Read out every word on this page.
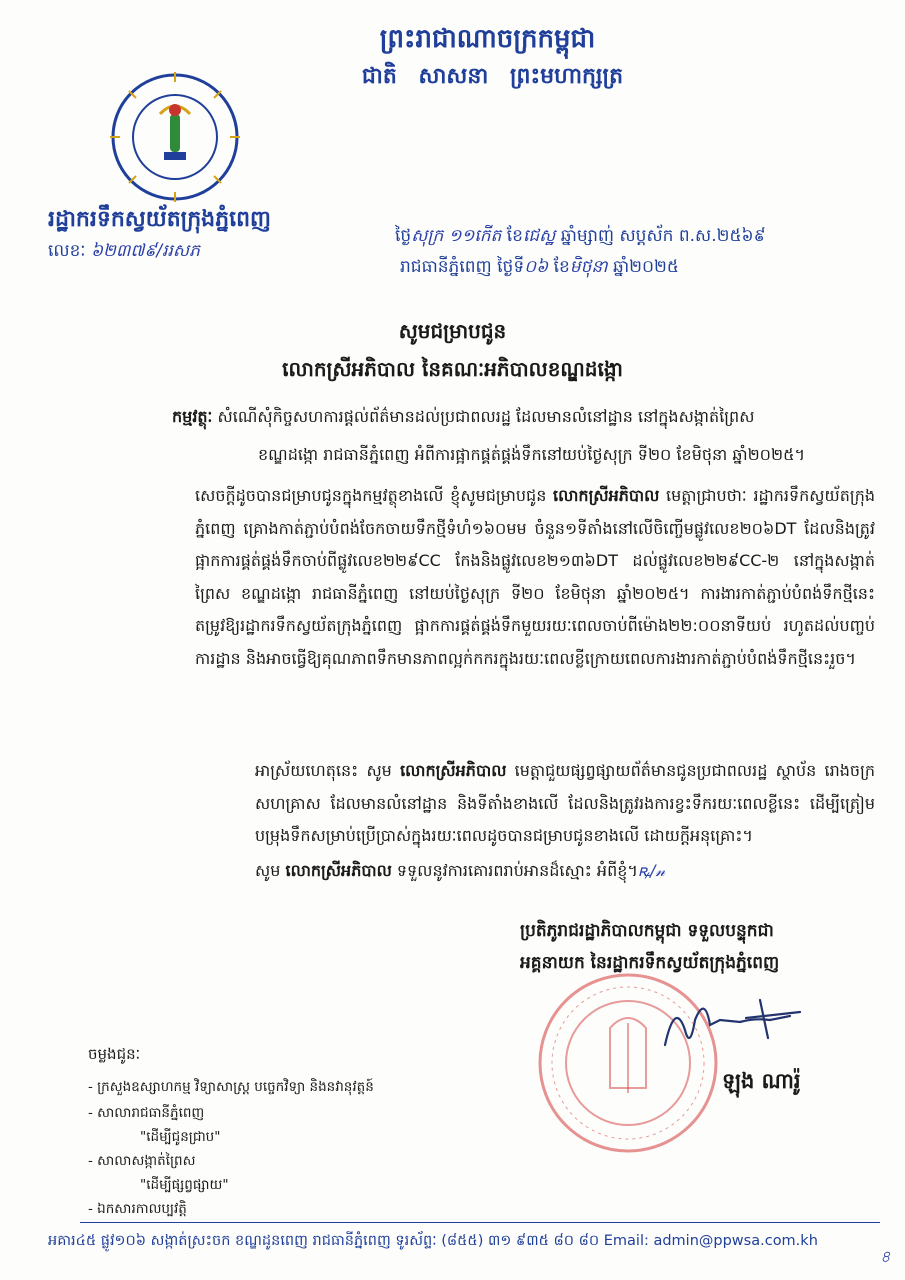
ព្រះរាជាណាចក្រកម្ពុជា
ជាតិ សាសនា ព្រះមហាក្សត្រ
រដ្ឋាករទឹកស្វយ័តក្រុងភ្នំពេញ
លេខៈ ៦២៣៧៩/ររសភ
ថ្ងៃសុក្រ ១១កើត ខែជេស្ឋ ឆ្នាំម្សាញ់ សប្តស័ក ព.ស.២៥៦៩
រាជធានីភ្នំពេញ ថ្ងៃទី០៦ ខែមិថុនា ឆ្នាំ២០២៥
សូមជម្រាបជូន
លោកស្រីអភិបាល នៃគណៈអភិបាលខណ្ឌដង្កោ
កម្មវត្ថុៈ សំណើសុំកិច្ចសហការផ្តល់ព័ត៌មានដល់ប្រជាពលរដ្ឋ ដែលមានលំនៅដ្ឋាន នៅក្នុងសង្កាត់ព្រៃស
ខណ្ឌដង្កោ រាជធានីភ្នំពេញ អំពីការផ្អាកផ្គត់ផ្គង់ទឹកនៅយប់ថ្ងៃសុក្រ ទី២០ ខែមិថុនា ឆ្នាំ២០២៥។
សេចក្តីដូចបានជម្រាបជូនក្នុងកម្មវត្ថុខាងលើ ខ្ញុំសូមជម្រាបជូន លោកស្រីអភិបាល មេត្តាជ្រាបថាៈ រដ្ឋាករទឹកស្វយ័តក្រុងភ្នំពេញ គ្រោងកាត់ភ្ជាប់បំពង់ចែកចាយទឹកថ្មីទំហំ១៦០មម ចំនួន១ទីតាំងនៅលើចិញ្ចើមផ្លូវលេខ២០៦DT ដែលនិងត្រូវផ្អាកការផ្គត់ផ្គង់ទឹកចាប់ពីផ្លូវលេខ២២៩CC កែងនិងផ្លូវលេខ២១៣៦DT ដល់ផ្លូវលេខ២២៩CC-២ នៅក្នុងសង្កាត់ព្រៃស ខណ្ឌដង្កោ រាជធានីភ្នំពេញ នៅយប់ថ្ងៃសុក្រ ទី២០ ខែមិថុនា ឆ្នាំ២០២៥។ ការងារកាត់ភ្ជាប់បំពង់ទឹកថ្មីនេះតម្រូវឱ្យរដ្ឋាករទឹកស្វយ័តក្រុងភ្នំពេញ ផ្អាកការផ្គត់ផ្គង់ទឹកមួយរយៈពេលចាប់ពីម៉ោង២២:០០នាទីយប់ រហូតដល់បញ្ចប់ការដ្ឋាន និងអាចធ្វើឱ្យគុណភាពទឹកមានភាពល្អក់កករក្នុងរយៈពេលខ្លីក្រោយពេលការងារកាត់ភ្ជាប់បំពង់ទឹកថ្មីនេះរួច។
អាស្រ័យហេតុនេះ សូម លោកស្រីអភិបាល មេត្តាជួយផ្សព្វផ្សាយព័ត៌មានជូនប្រជាពលរដ្ឋ ស្ថាប័ន រោងចក្រ សហគ្រាស ដែលមានលំនៅដ្ឋាន និងទីតាំងខាងលើ ដែលនិងត្រូវរងការខ្វះទឹករយៈពេលខ្លីនេះ ដើម្បីត្រៀមបម្រុងទឹកសម្រាប់ប្រើប្រាស់ក្នុងរយៈពេលដូចបានជម្រាបជូនខាងលើ ដោយក្តីអនុគ្រោះ។
សូម លោកស្រីអភិបាល ទទួលនូវការគោរពរាប់អានដ៏ស្មោះ អំពីខ្ញុំ។ꝶ/𝓃
ប្រតិភូរាជរដ្ឋាភិបាលកម្ពុជា ទទួលបន្ទុកជា
អគ្គនាយក នៃរដ្ឋាករទឹកស្វយ័តក្រុងភ្នំពេញ
ឡុង ណារ៉ូ
ចម្លងជូនៈ
- ក្រសួងឧស្សាហកម្ម វិទ្យាសាស្ត្រ បច្ចេកវិទ្យា និងនវានុវត្តន៍
- សាលារាជធានីភ្នំពេញ
"ដើម្បីជូនជ្រាប"
- សាលាសង្កាត់ព្រៃស
"ដើម្បីផ្សព្វផ្សាយ"
- ឯកសារកាលប្បវត្តិ
អគារ៤៥ ផ្លូវ១០៦ សង្កាត់ស្រះចក ខណ្ឌដូនពេញ រាជធានីភ្នំពេញ ទូរស័ព្ទៈ (៨៥៥) ៣១ ៩៣៥ ៨០ ៨០ Email: admin@ppwsa.com.kh
৪
